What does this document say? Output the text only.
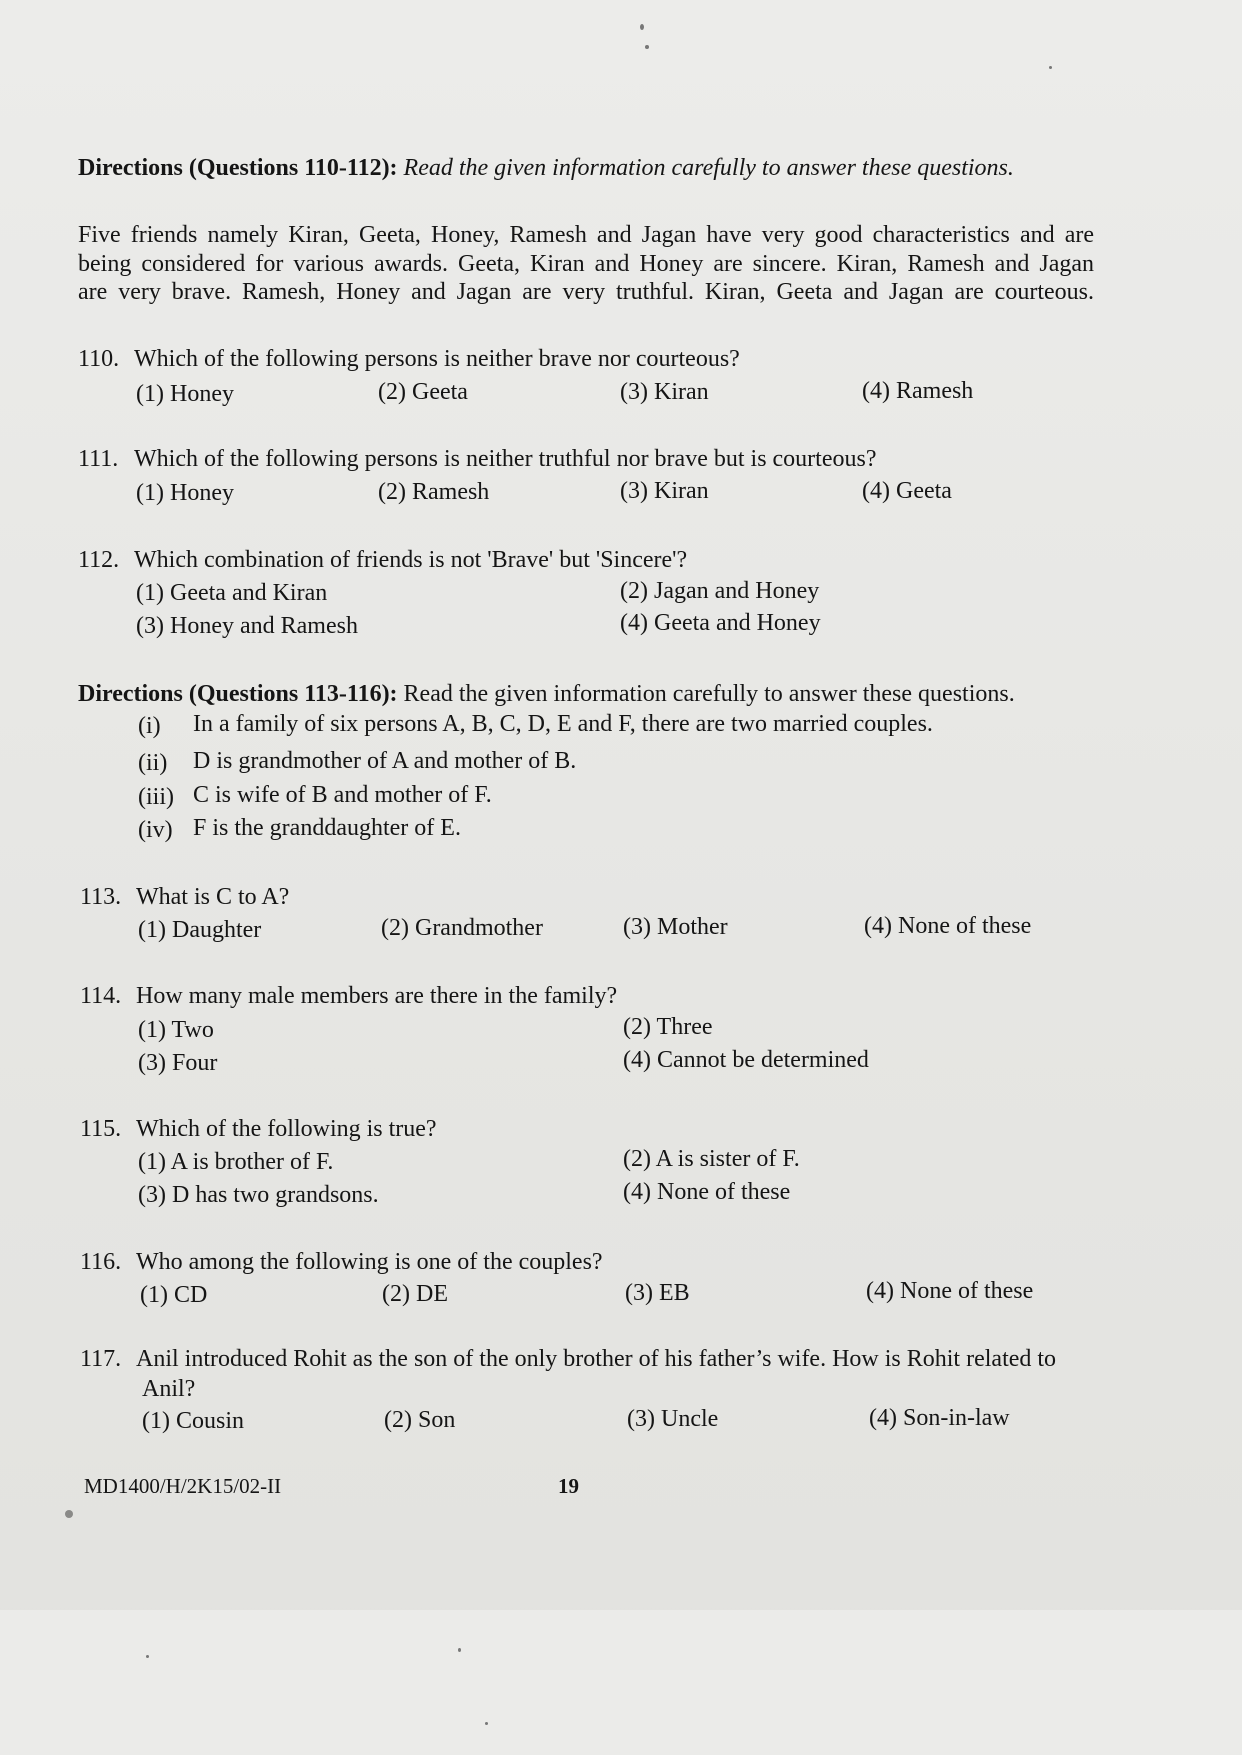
Directions (Questions 110-112): Read the given information carefully to answer these questions.
Five friends namely Kiran, Geeta, Honey, Ramesh and Jagan have very good characteristics and are
being considered for various awards. Geeta, Kiran and Honey are sincere. Kiran, Ramesh and Jagan
are very brave. Ramesh, Honey and Jagan are very truthful. Kiran, Geeta and Jagan are courteous.
110. Which of the following persons is neither brave nor courteous?
(1) Honey	(2) Geeta	(3) Kiran	(4) Ramesh
111. Which of the following persons is neither truthful nor brave but is courteous?
(1) Honey	(2) Ramesh	(3) Kiran	(4) Geeta
112. Which combination of friends is not 'Brave' but 'Sincere'?
(1) Geeta and Kiran	(2) Jagan and Honey
(3) Honey and Ramesh	(4) Geeta and Honey
Directions (Questions 113-116): Read the given information carefully to answer these questions.
(i) In a family of six persons A, B, C, D, E and F, there are two married couples.
(ii) D is grandmother of A and mother of B.
(iii) C is wife of B and mother of F.
(iv) F is the granddaughter of E.
113. What is C to A?
(1) Daughter	(2) Grandmother	(3) Mother	(4) None of these
114. How many male members are there in the family?
(1) Two	(2) Three
(3) Four	(4) Cannot be determined
115. Which of the following is true?
(1) A is brother of F.	(2) A is sister of F.
(3) D has two grandsons.	(4) None of these
116. Who among the following is one of the couples?
(1) CD	(2) DE	(3) EB	(4) None of these
117. Anil introduced Rohit as the son of the only brother of his father’s wife. How is Rohit related to
Anil?
(1) Cousin	(2) Son	(3) Uncle	(4) Son-in-law
MD1400/H/2K15/02-II	19
